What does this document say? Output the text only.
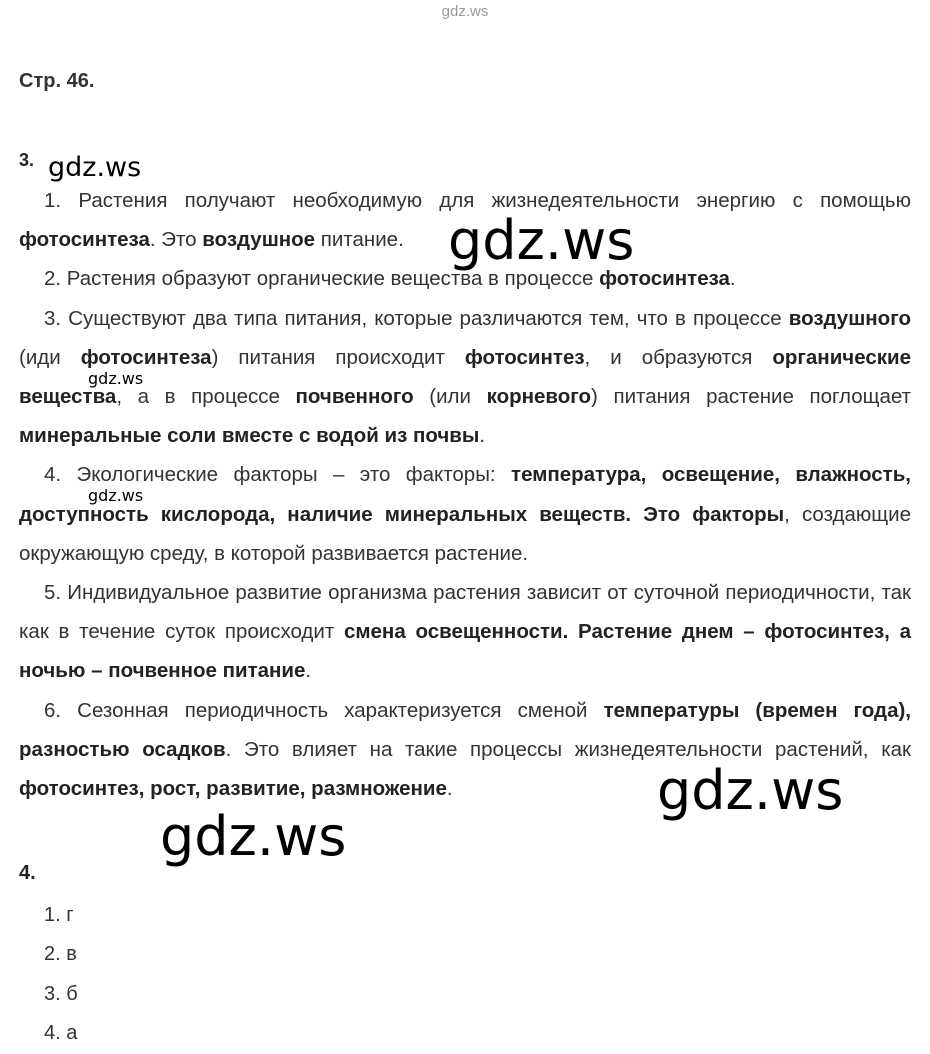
gdz.ws
Стр. 46.
3.

1. Растения получают необходимую для жизнедеятельности энергию с помощью фотосинтеза. Это воздушное питание.

2. Растения образуют органические вещества в процессе фотосинтеза.

3. Существуют два типа питания, которые различаются тем, что в процессе воздушного (иди фотосинтеза) питания происходит фотосинтез, и образуются органические вещества, а в процессе почвенного (или корневого) питания растение поглощает минеральные соли вместе с водой из почвы.

4. Экологические факторы – это факторы: температура, освещение, влажность, доступность кислорода, наличие минеральных веществ. Это факторы, создающие окружающую среду, в которой развивается растение.

5. Индивидуальное развитие организма растения зависит от суточной периодичности, так как в течение суток происходит смена освещенности. Растение днем – фотосинтез, а ночью – почвенное питание.

6. Сезонная периодичность характеризуется сменой температуры (времен года), разностью осадков. Это влияет на такие процессы жизнедеятельности растений, как фотосинтез, рост, развитие, размножение.

4.
1. г
2. в
3. б
4. а
gdz.ws
gdz.ws
gdz.ws
gdz.ws
gdz.ws
gdz.ws
